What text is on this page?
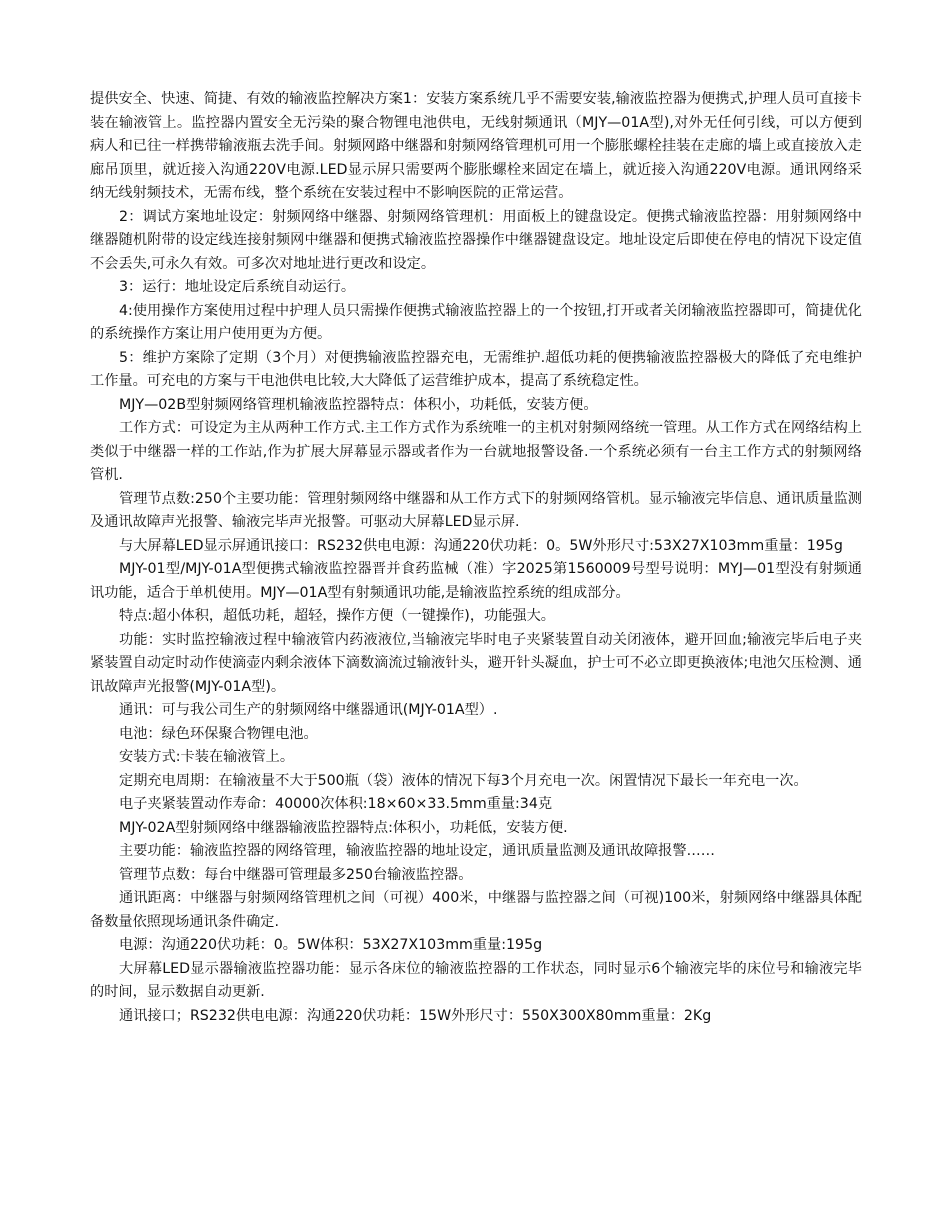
提供安全、快速、简捷、有效的输液监控解决方案1：安装方案系统几乎不需要安装,输液监控器为便携式,护理人员可直接卡装在输液管上。监控器内置安全无污染的聚合物锂电池供电，无线射频通讯（MJY—01A型),对外无任何引线，可以方便到病人和已往一样携带输液瓶去洗手间。射频网路中继器和射频网络管理机可用一个膨胀螺栓挂装在走廊的墙上或直接放入走廊吊顶里，就近接入沟通220V电源.LED显示屏只需要两个膨胀螺栓来固定在墙上，就近接入沟通220V电源。通讯网络采纳无线射频技术，无需布线，整个系统在安装过程中不影响医院的正常运营。

2：调试方案地址设定：射频网络中继器、射频网络管理机：用面板上的键盘设定。便携式输液监控器：用射频网络中继器随机附带的设定线连接射频网中继器和便携式输液监控器操作中继器键盘设定。地址设定后即使在停电的情况下设定值不会丢失,可永久有效。可多次对地址进行更改和设定。

3：运行：地址设定后系统自动运行。

4:使用操作方案使用过程中护理人员只需操作便携式输液监控器上的一个按钮,打开或者关闭输液监控器即可，简捷优化的系统操作方案让用户使用更为方便。

5：维护方案除了定期（3个月）对便携输液监控器充电，无需维护.超低功耗的便携输液监控器极大的降低了充电维护工作量。可充电的方案与干电池供电比较,大大降低了运营维护成本，提高了系统稳定性。

MJY—02B型射频网络管理机输液监控器特点：体积小，功耗低，安装方便。

工作方式：可设定为主从两种工作方式.主工作方式作为系统唯一的主机对射频网络统一管理。从工作方式在网络结构上类似于中继器一样的工作站,作为扩展大屏幕显示器或者作为一台就地报警设备.一个系统必须有一台主工作方式的射频网络管机.

管理节点数:250个主要功能：管理射频网络中继器和从工作方式下的射频网络管机。显示输液完毕信息、通讯质量监测及通讯故障声光报警、输液完毕声光报警。可驱动大屏幕LED显示屏.

与大屏幕LED显示屏通讯接口：RS232供电电源：沟通220伏功耗：0。5W外形尺寸:53X27X103mm重量：195g

MJY-01型/MJY-01A型便携式输液监控器晋并食药监械（准）字2025第1560009号型号说明：MYJ—01型没有射频通讯功能，适合于单机使用。MJY—01A型有射频通讯功能,是输液监控系统的组成部分。

特点:超小体积，超低功耗，超轻，操作方便（一键操作)，功能强大。

功能：实时监控输液过程中输液管内药液液位,当输液完毕时电子夹紧装置自动关闭液体，避开回血;输液完毕后电子夹紧装置自动定时动作使滴壶内剩余液体下滴数滴流过输液针头，避开针头凝血，护士可不必立即更换液体;电池欠压检测、通讯故障声光报警(MJY-01A型)。

通讯：可与我公司生产的射频网络中继器通讯(MJY-01A型）.

电池：绿色环保聚合物锂电池。

安装方式:卡装在输液管上。

定期充电周期：在输液量不大于500瓶（袋）液体的情况下每3个月充电一次。闲置情况下最长一年充电一次。

电子夹紧装置动作寿命：40000次体积:18×60×33.5mm重量:34克

MJY-02A型射频网络中继器输液监控器特点:体积小，功耗低，安装方便.

主要功能：输液监控器的网络管理，输液监控器的地址设定，通讯质量监测及通讯故障报警……

管理节点数：每台中继器可管理最多250台输液监控器。

通讯距离：中继器与射频网络管理机之间（可视）400米，中继器与监控器之间（可视)100米，射频网络中继器具体配备数量依照现场通讯条件确定.

电源：沟通220伏功耗：0。5W体积：53X27X103mm重量:195g

大屏幕LED显示器输液监控器功能：显示各床位的输液监控器的工作状态，同时显示6个输液完毕的床位号和输液完毕的时间，显示数据自动更新.

通讯接口；RS232供电电源：沟通220伏功耗：15W外形尺寸：550X300X80mm重量：2Kg
